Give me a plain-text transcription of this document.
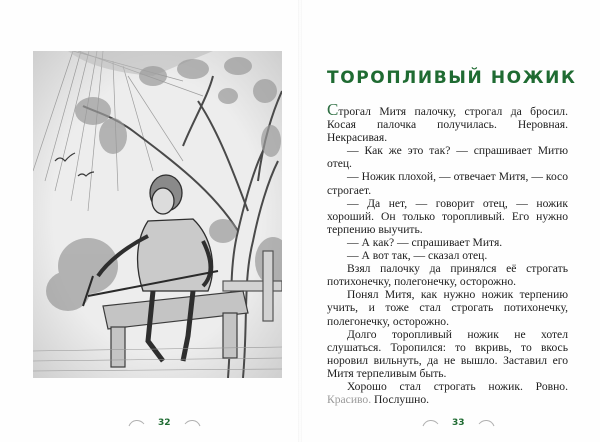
32
ТОРОПЛИВЫЙ НОЖИК

Строгал Митя палочку, строгал да бросил. Косая палочка получилась. Неровная. Некрасивая.

— Как же это так? — спрашивает Митю отец.

— Ножик плохой, — отвечает Митя, — косо строгает.

— Да нет, — говорит отец, — ножик хороший. Он только торопливый. Его нужно терпению выучить.

— А как? — спрашивает Митя.

— А вот так, — сказал отец.

Взял палочку да принялся её строгать потихонечку, полегонечку, осторожно.

Понял Митя, как нужно ножик терпению учить, и тоже стал строгать потихонечку, полегонечку, осторожно.

Долго торопливый ножик не хотел слушаться. Торопился: то вкривь, то вкось норовил вильнуть, да не вышло. Заставил его Митя терпеливым быть.

Хорошо стал строгать ножик. Ровно. Красиво. Послушно.

33
